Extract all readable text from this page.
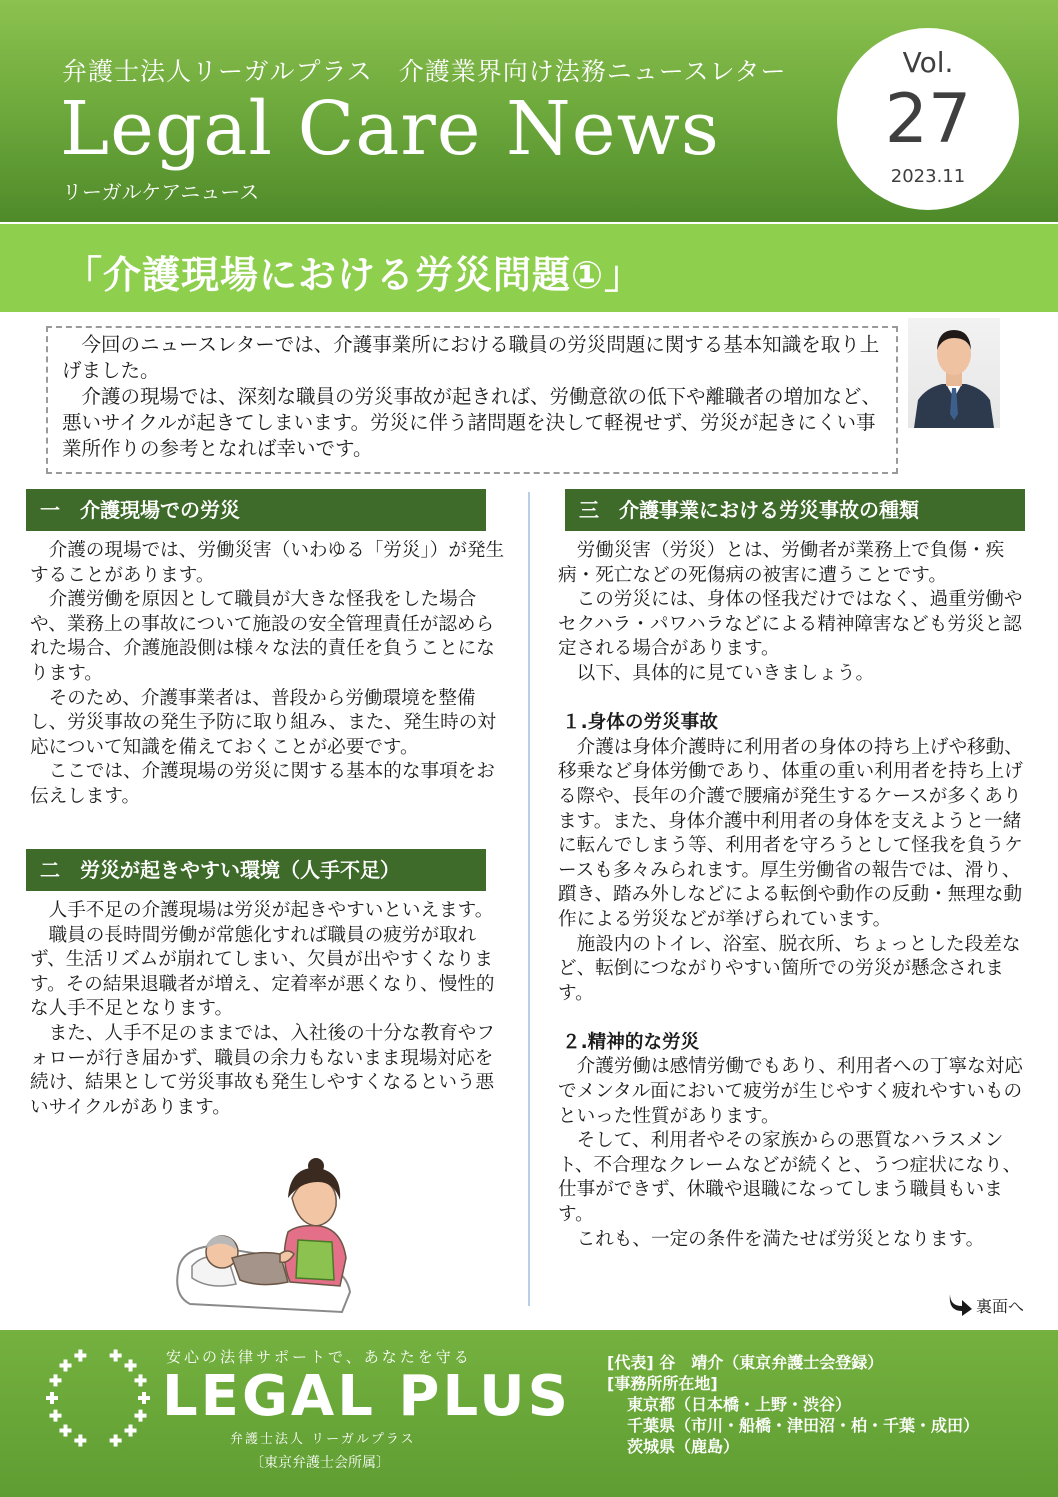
弁護士法人リーガルプラス　介護業界向け法務ニュースレター
Legal Care News
リーガルケアニュース
Vol.
27
2023.11
「介護現場における労災問題①」

今回のニュースレターでは、介護事業所における職員の労災問題に関する基本知識を取り上げました。

介護の現場では、深刻な職員の労災事故が起きれば、労働意欲の低下や離職者の増加など、悪いサイクルが起きてしまいます。労災に伴う諸問題を決して軽視せず、労災が起きにくい事業所作りの参考となれば幸いです。

一　介護現場での労災

介護の現場では、労働災害（いわゆる「労災」）が発生することがあります。

介護労働を原因として職員が大きな怪我をした場合や、業務上の事故について施設の安全管理責任が認められた場合、介護施設側は様々な法的責任を負うことになります。

そのため、介護事業者は、普段から労働環境を整備し、労災事故の発生予防に取り組み、また、発生時の対応について知識を備えておくことが必要です。

ここでは、介護現場の労災に関する基本的な事項をお伝えします。

二　労災が起きやすい環境（人手不足）

人手不足の介護現場は労災が起きやすいといえます。

職員の長時間労働が常態化すれば職員の疲労が取れず、生活リズムが崩れてしまい、欠員が出やすくなります。その結果退職者が増え、定着率が悪くなり、慢性的な人手不足となります。

また、人手不足のままでは、入社後の十分な教育やフォローが行き届かず、職員の余力もないまま現場対応を続け、結果として労災事故も発生しやすくなるという悪いサイクルがあります。

三　介護事業における労災事故の種類

労働災害（労災）とは、労働者が業務上で負傷・疾病・死亡などの死傷病の被害に遭うことです。

この労災には、身体の怪我だけではなく、過重労働やセクハラ・パワハラなどによる精神障害なども労災と認定される場合があります。

以下、具体的に見ていきましょう。

１.身体の労災事故

介護は身体介護時に利用者の身体の持ち上げや移動、移乗など身体労働であり、体重の重い利用者を持ち上げる際や、長年の介護で腰痛が発生するケースが多くあります。また、身体介護中利用者の身体を支えようと一緒に転んでしまう等、利用者を守ろうとして怪我を負うケースも多々みられます。厚生労働省の報告では、滑り、躓き、踏み外しなどによる転倒や動作の反動・無理な動作による労災などが挙げられています。

施設内のトイレ、浴室、脱衣所、ちょっとした段差など、転倒につながりやすい箇所での労災が懸念されます。

２.精神的な労災

介護労働は感情労働でもあり、利用者への丁寧な対応でメンタル面において疲労が生じやすく疲れやすいものといった性質があります。

そして、利用者やその家族からの悪質なハラスメント、不合理なクレームなどが続くと、うつ症状になり、仕事ができず、休職や退職になってしまう職員もいます。

これも、一定の条件を満たせば労災となります。

裏面へ
安心の法律サポートで、あなたを守る
LEGAL PLUS
弁護士法人 リーガルプラス
〔東京弁護士会所属〕
[代表] 谷　靖介（東京弁護士会登録）
[事務所所在地]
東京都（日本橋・上野・渋谷）
千葉県（市川・船橋・津田沼・柏・千葉・成田）
茨城県（鹿島）
